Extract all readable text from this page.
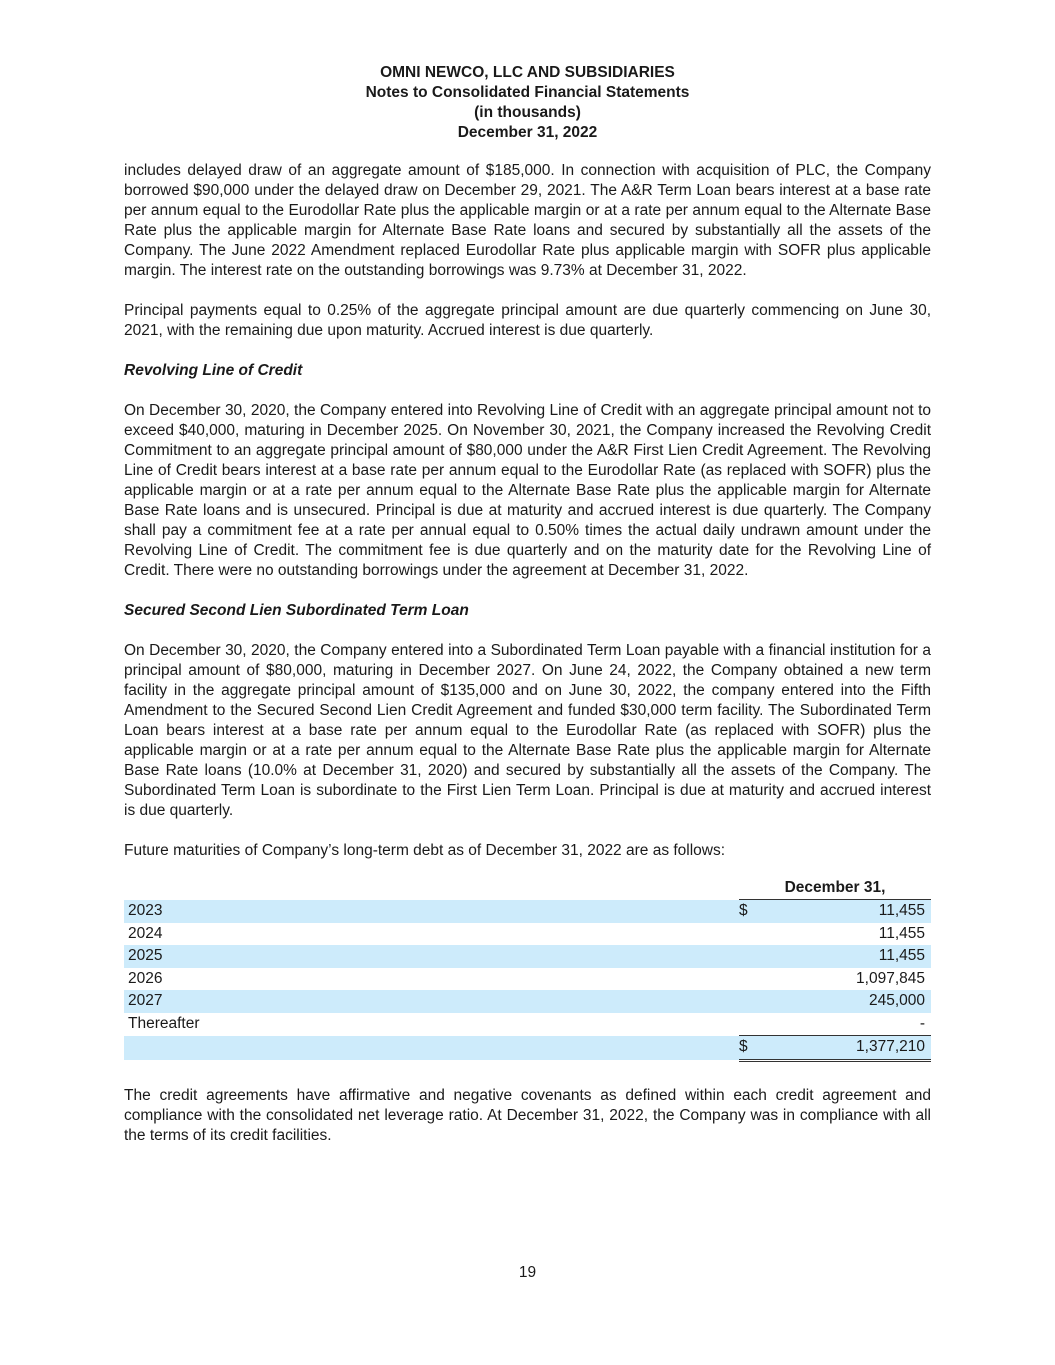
OMNI NEWCO, LLC AND SUBSIDIARIES
Notes to Consolidated Financial Statements
(in thousands)
December 31, 2022

includes delayed draw of an aggregate amount of $185,000. In connection with acquisition of PLC, the Company borrowed $90,000 under the delayed draw on December 29, 2021. The A&R Term Loan bears interest at a base rate per annum equal to the Eurodollar Rate plus the applicable margin or at a rate per annum equal to the Alternate Base Rate plus the applicable margin for Alternate Base Rate loans and secured by substantially all the assets of the Company. The June 2022 Amendment replaced Eurodollar Rate plus applicable margin with SOFR plus applicable margin. The interest rate on the outstanding borrowings was 9.73% at December 31, 2022.

Principal payments equal to 0.25% of the aggregate principal amount are due quarterly commencing on June 30, 2021, with the remaining due upon maturity. Accrued interest is due quarterly.

Revolving Line of Credit

On December 30, 2020, the Company entered into Revolving Line of Credit with an aggregate principal amount not to exceed $40,000, maturing in December 2025. On November 30, 2021, the Company increased the Revolving Credit Commitment to an aggregate principal amount of $80,000 under the A&R First Lien Credit Agreement. The Revolving Line of Credit bears interest at a base rate per annum equal to the Eurodollar Rate (as replaced with SOFR) plus the applicable margin or at a rate per annum equal to the Alternate Base Rate plus the applicable margin for Alternate Base Rate loans and is unsecured. Principal is due at maturity and accrued interest is due quarterly. The Company shall pay a commitment fee at a rate per annual equal to 0.50% times the actual daily undrawn amount under the Revolving Line of Credit. The commitment fee is due quarterly and on the maturity date for the Revolving Line of Credit. There were no outstanding borrowings under the agreement at December 31, 2022.

Secured Second Lien Subordinated Term Loan

On December 30, 2020, the Company entered into a Subordinated Term Loan payable with a financial institution for a principal amount of $80,000, maturing in December 2027. On June 24, 2022, the Company obtained a new term facility in the aggregate principal amount of $135,000 and on June 30, 2022, the company entered into the Fifth Amendment to the Secured Second Lien Credit Agreement and funded $30,000 term facility. The Subordinated Term Loan bears interest at a base rate per annum equal to the Eurodollar Rate (as replaced with SOFR) plus the applicable margin or at a rate per annum equal to the Alternate Base Rate plus the applicable margin for Alternate Base Rate loans (10.0% at December 31, 2020) and secured by substantially all the assets of the Company. The Subordinated Term Loan is subordinate to the First Lien Term Loan. Principal is due at maturity and accrued interest is due quarterly.

Future maturities of Company’s long-term debt as of December 31, 2022 are as follows:

	December 31,	
2023	$	11,455
2024		11,455
2025		11,455
2026		1,097,845
2027		245,000
Thereafter		-
	$	1,377,210

The credit agreements have affirmative and negative covenants as defined within each credit agreement and compliance with the consolidated net leverage ratio. At December 31, 2022, the Company was in compliance with all the terms of its credit facilities.

19
